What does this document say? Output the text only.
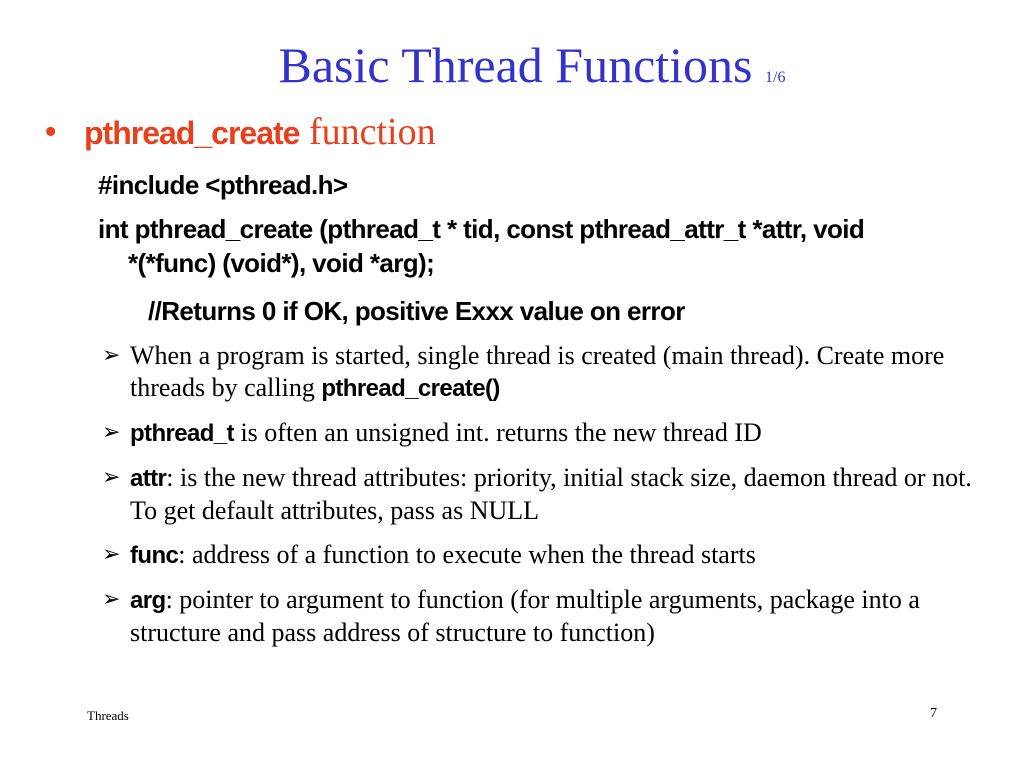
Basic Thread Functions 1/6
• pthread_create function
#include <pthread.h>
int pthread_create (pthread_t * tid, const pthread_attr_t *attr, void
*(*func) (void*), void *arg);
//Returns 0 if OK, positive Exxx value on error
➢ When a program is started, single thread is created (main thread). Create more threads by calling pthread_create()
➢ pthread_t is often an unsigned int. returns the new thread ID
➢ attr: is the new thread attributes: priority, initial stack size, daemon thread or not. To get default attributes, pass as NULL
➢ func: address of a function to execute when the thread starts
➢ arg: pointer to argument to function (for multiple arguments, package into a structure and pass address of structure to function)
Threads	7
